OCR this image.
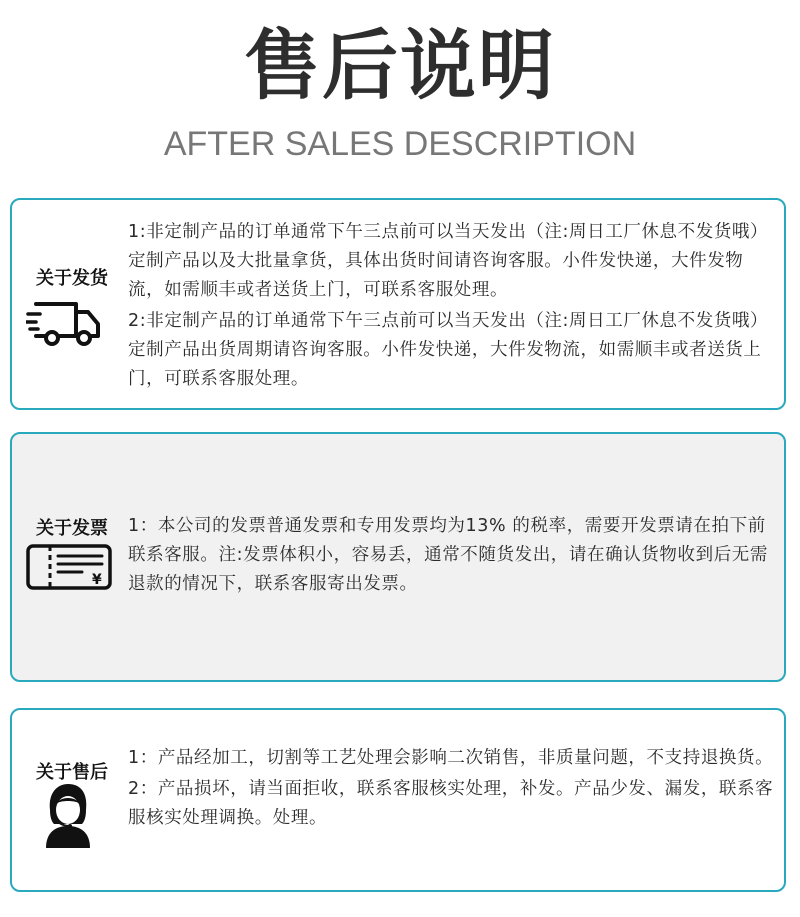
售后说明
AFTER SALES DESCRIPTION
关于发货

1:非定制产品的订单通常下午三点前可以当天发出（注:周日工厂休息不发货哦）定制产品以及大批量拿货，具体出货时间请咨询客服。小件发快递，大件发物流，如需顺丰或者送货上门，可联系客服处理。

2:非定制产品的订单通常下午三点前可以当天发出（注:周日工厂休息不发货哦）定制产品出货周期请咨询客服。小件发快递，大件发物流，如需顺丰或者送货上门，可联系客服处理。

关于发票
¥

1：本公司的发票普通发票和专用发票均为13% 的税率，需要开发票请在拍下前联系客服。注:发票体积小，容易丢，通常不随货发出，请在确认货物收到后无需退款的情况下，联系客服寄出发票。

关于售后

1：产品经加工，切割等工艺处理会影响二次销售，非质量问题，不支持退换货。

2：产品损坏，请当面拒收，联系客服核实处理，补发。产品少发、漏发，联系客服核实处理调换。处理。
